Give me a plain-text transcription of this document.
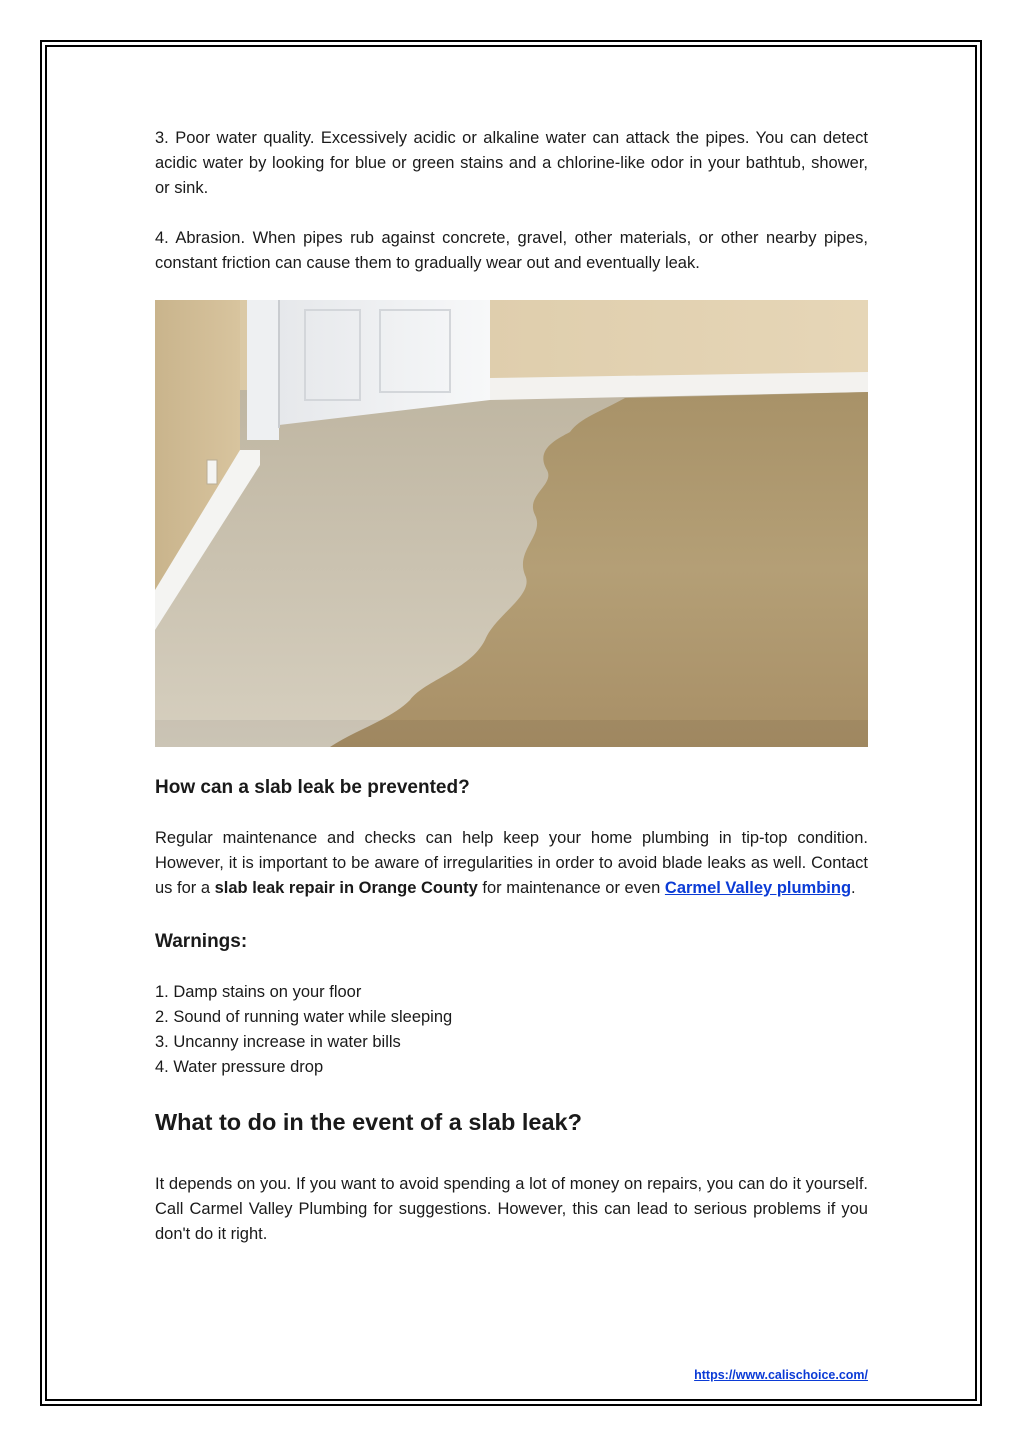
3. Poor water quality. Excessively acidic or alkaline water can attack the pipes. You can detect acidic water by looking for blue or green stains and a chlorine-like odor in your bathtub, shower, or sink.

4. Abrasion. When pipes rub against concrete, gravel, other materials, or other nearby pipes, constant friction can cause them to gradually wear out and eventually leak.

How can a slab leak be prevented?

Regular maintenance and checks can help keep your home plumbing in tip-top condition. However, it is important to be aware of irregularities in order to avoid blade leaks as well. Contact us for a slab leak repair in Orange County for maintenance or even Carmel Valley plumbing.

Warnings:
1. Damp stains on your floor
2. Sound of running water while sleeping
3. Uncanny increase in water bills
4. Water pressure drop
What to do in the event of a slab leak?

It depends on you. If you want to avoid spending a lot of money on repairs, you can do it yourself. Call Carmel Valley Plumbing for suggestions. However, this can lead to serious problems if you don't do it right.

https://www.calischoice.com/
